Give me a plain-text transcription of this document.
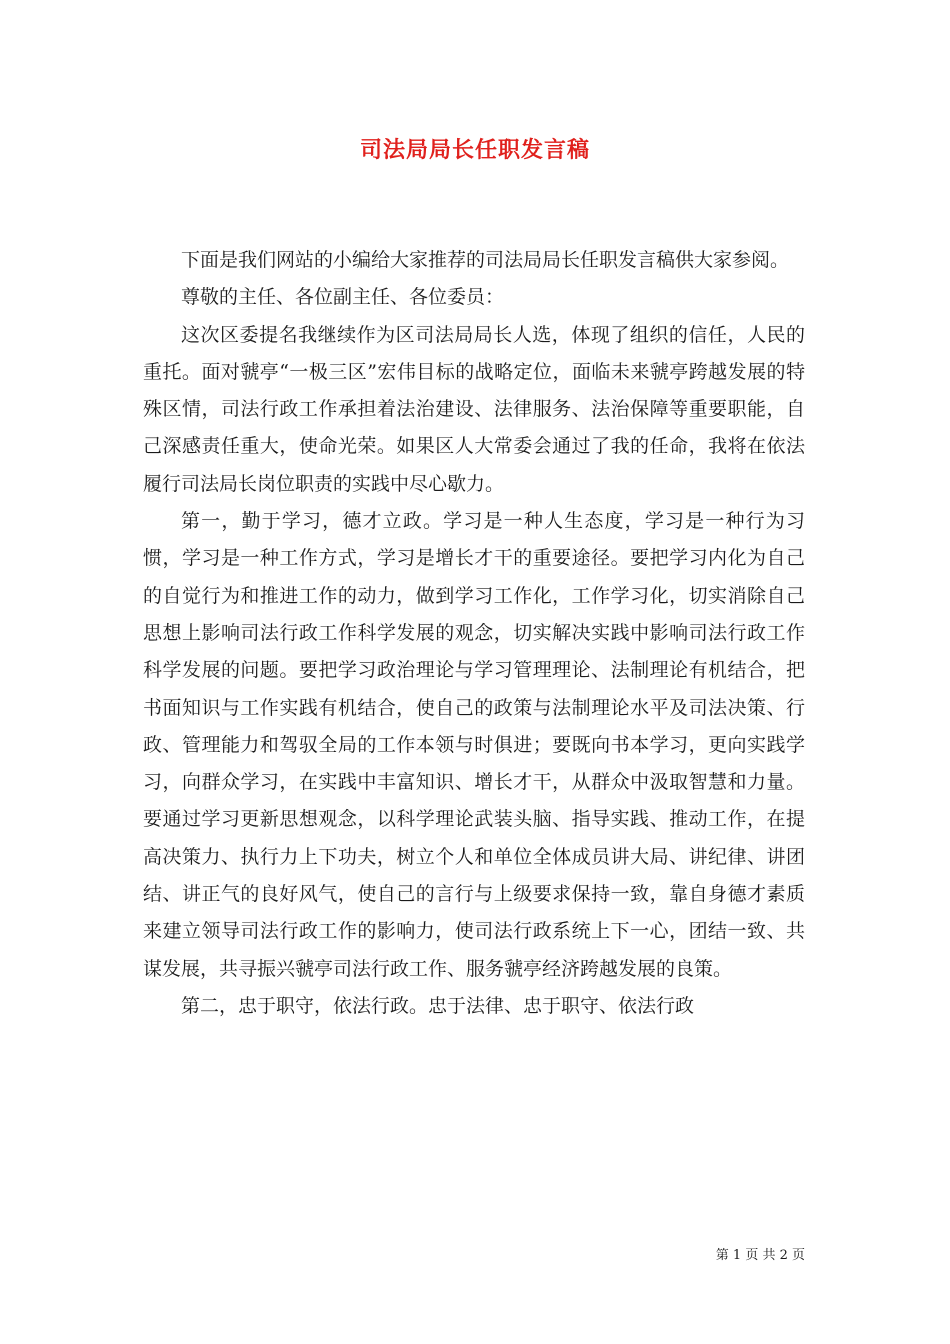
司法局局长任职发言稿

下面是我们网站的小编给大家推荐的司法局局长任职发言稿供大家参阅。

尊敬的主任、各位副主任、各位委员：

这次区委提名我继续作为区司法局局长人选，体现了组织的信任，人民的重托。面对虢亭“一极三区”宏伟目标的战略定位，面临未来虢亭跨越发展的特殊区情，司法行政工作承担着法治建设、法律服务、法治保障等重要职能，自己深感责任重大，使命光荣。如果区人大常委会通过了我的任命，我将在依法履行司法局长岗位职责的实践中尽心歇力。

第一，勤于学习，德才立政。学习是一种人生态度，学习是一种行为习惯，学习是一种工作方式，学习是增长才干的重要途径。要把学习内化为自己的自觉行为和推进工作的动力，做到学习工作化，工作学习化，切实消除自己思想上影响司法行政工作科学发展的观念，切实解决实践中影响司法行政工作科学发展的问题。要把学习政治理论与学习管理理论、法制理论有机结合，把书面知识与工作实践有机结合，使自己的政策与法制理论水平及司法决策、行政、管理能力和驾驭全局的工作本领与时俱进；要既向书本学习，更向实践学习，向群众学习，在实践中丰富知识、增长才干，从群众中汲取智慧和力量。要通过学习更新思想观念，以科学理论武装头脑、指导实践、推动工作，在提高决策力、执行力上下功夫，树立个人和单位全体成员讲大局、讲纪律、讲团结、讲正气的良好风气，使自己的言行与上级要求保持一致，靠自身德才素质来建立领导司法行政工作的影响力，使司法行政系统上下一心，团结一致、共谋发展，共寻振兴虢亭司法行政工作、服务虢亭经济跨越发展的良策。

第二，忠于职守，依法行政。忠于法律、忠于职守、依法行政

第 1 页 共 2 页
